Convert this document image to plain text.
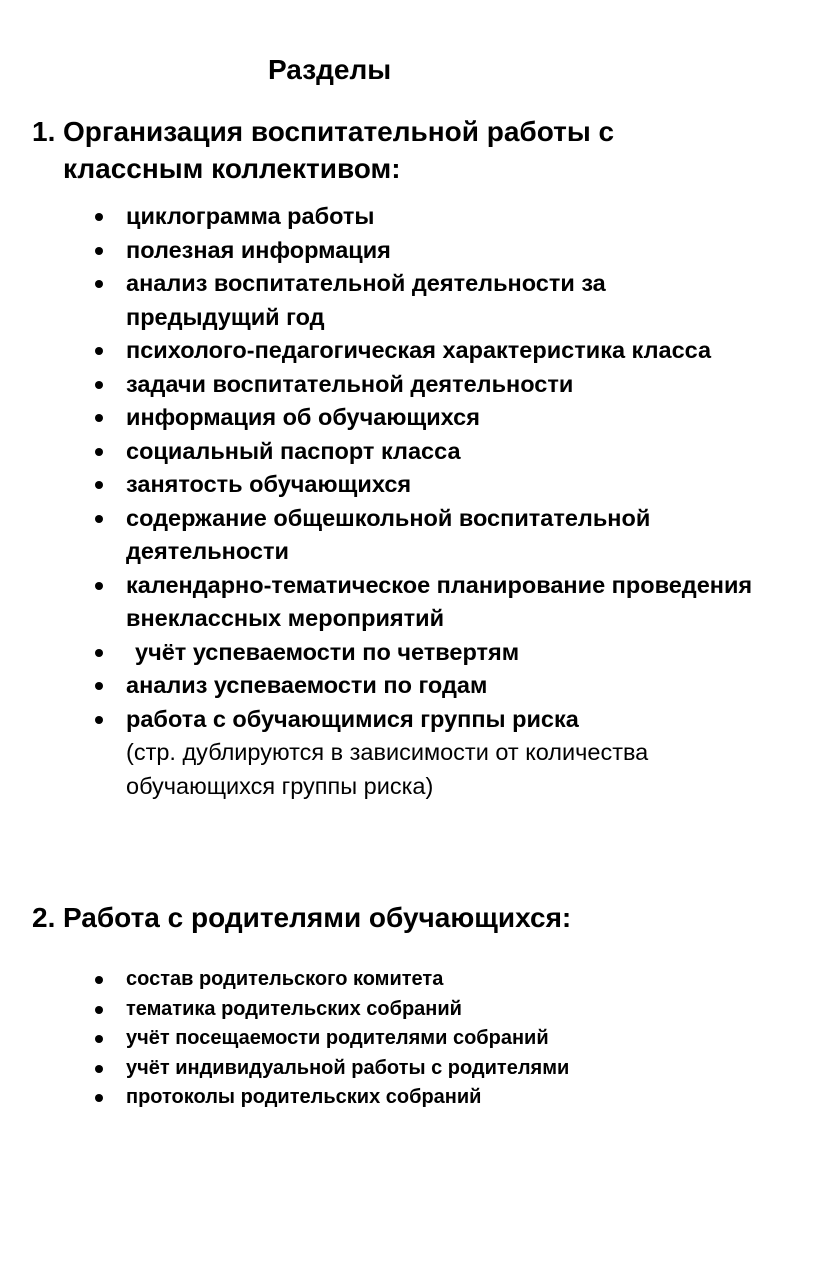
Разделы
1. Организация воспитательной работы с классным коллективом:
циклограмма работы
полезная информация
анализ воспитательной деятельности за предыдущий год
психолого-педагогическая характеристика класса
задачи воспитательной деятельности
информация об обучающихся
социальный паспорт класса
занятость обучающихся
содержание общешкольной воспитательной деятельности
календарно-тематическое планирование проведения внеклассных мероприятий
учёт успеваемости по четвертям
анализ успеваемости по годам
работа с обучающимися группы риска
(стр. дублируются в зависимости от количества обучающихся группы риска)
2. Работа с родителями обучающихся:
состав родительского комитета
тематика родительских собраний
учёт посещаемости родителями собраний
учёт индивидуальной работы с родителями
протоколы родительских собраний
